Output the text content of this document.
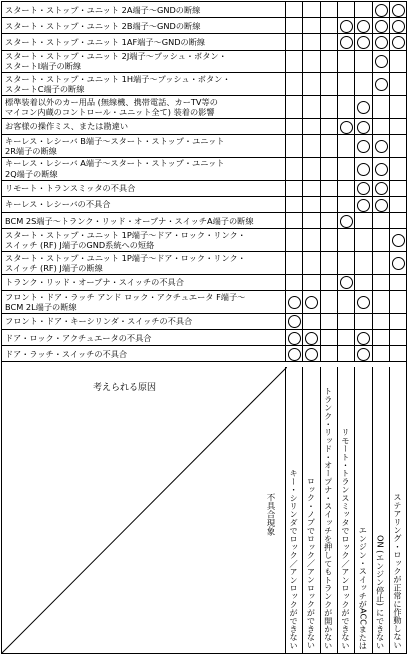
スタート・ストップ・ユニット 2A端子～GNDの断線
スタート・ストップ・ユニット 2B端子～GNDの断線
スタート・ストップ・ユニット 1AF端子～GNDの断線
スタート・ストップ・ユニット 2J端子～プッシュ・ボタン・
スタートⅠ端子の断線
スタート・ストップ・ユニット 1H端子～プッシュ・ボタン・
スタートC端子の断線
標準装着以外のカー用品 (無線機、携帯電話、カーTV等の
マイコン内蔵のコントロール・ユニット全て) 装着の影響
お客様の操作ミス、または勘違い
キーレス・レシーバ B端子～スタート・ストップ・ユニット
2R端子の断線
キーレス・レシーバ A端子～スタート・ストップ・ユニット
2Q端子の断線
リモート・トランスミッタの不具合
キーレス・レシーバの不具合
BCM 2S端子～トランク・リッド・オープナ・スイッチA端子の断線
スタート・ストップ・ユニット 1P端子～ドア・ロック・リンク・
スイッチ (RF) J端子のGND系統への短絡
スタート・ストップ・ユニット 1P端子～ドア・ロック・リンク・
スイッチ (RF) J端子の断線
トランク・リッド・オープナ・スイッチの不具合
フロント・ドア・ラッチ アンド ロック・アクチュエータ F端子～
BCM 2L端子の断線
フロント・ドア・キーシリンダ・スイッチの不具合
ドア・ロック・アクチュエータの不具合
ドア・ラッチ・スイッチの不具合
考えられる原因
不具合現象 キー・シリンダでロック／アンロックができない ロック・ノブでロック／アンロックができない トランク・リッド・オープナ・スイッチを押してもトランクが開かない リモート・トランスミッタでロック／アンロックができない エンジン・スイッチがACCまたは ON (エンジン停止) にできない ステアリング・ロックが正常に作動しない
